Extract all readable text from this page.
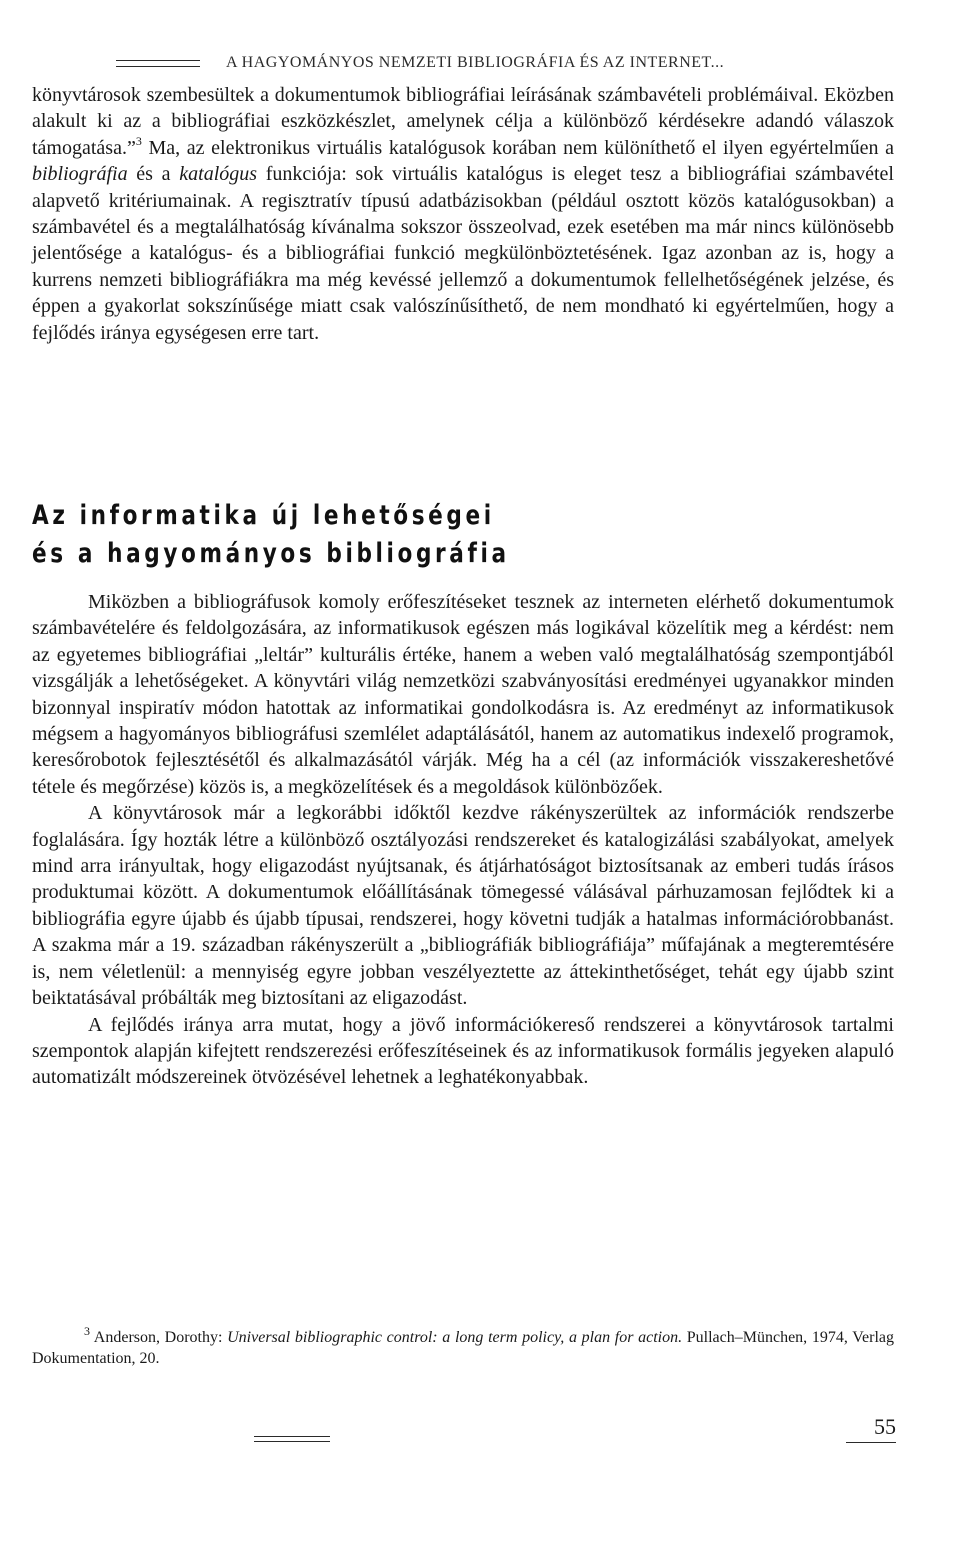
A HAGYOMÁNYOS NEMZETI BIBLIOGRÁFIA ÉS AZ INTERNET...

könyvtárosok szembesültek a dokumentumok bibliográfiai leírásának számbavételi problémáival. Eközben alakult ki az a bibliográfiai eszközkészlet, amelynek célja a különböző kérdésekre adandó válaszok támogatása.”$^3$ Ma, az elektronikus virtuális katalógusok korában nem különíthető el ilyen egyértelműen a bibliográfia és a katalógus funkciója: sok virtuális katalógus is eleget tesz a bibliográfiai számbavétel alapvető kritériumainak. A regisztratív típusú adatbázisokban (például osztott közös katalógusokban) a számbavétel és a megtalálhatóság kívánalma sokszor összeolvad, ezek esetében ma már nincs különösebb jelentősége a katalógus- és a bibliográfiai funkció megkülönböztetésének. Igaz azonban az is, hogy a kurrens nemzeti bibliográfiákra ma még kevéssé jellemző a dokumentumok fellelhetőségének jelzése, és éppen a gyakorlat sokszínűsége miatt csak valószínűsíthető, de nem mondható ki egyértelműen, hogy a fejlődés iránya egységesen erre tart.

Az informatika új lehetőségei
és a hagyományos bibliográfia

Miközben a bibliográfusok komoly erőfeszítéseket tesznek az interneten elérhető dokumentumok számbavételére és feldolgozására, az informatikusok egészen más logikával közelítik meg a kérdést: nem az egyetemes bibliográfiai „leltár” kulturális értéke, hanem a weben való megtalálhatóság szempontjából vizsgálják a lehetőségeket. A könyvtári világ nemzetközi szabványosítási eredményei ugyanakkor minden bizonnyal inspiratív módon hatottak az informatikai gondolkodásra is. Az eredményt az informatikusok mégsem a hagyományos bibliográfusi szemlélet adaptálásától, hanem az automatikus indexelő programok, keresőrobotok fejlesztésétől és alkalmazásától várják. Még ha a cél (az információk visszakereshetővé tétele és megőrzése) közös is, a megközelítések és a megoldások különbözőek.

A könyvtárosok már a legkorábbi időktől kezdve rákényszerültek az információk rendszerbe foglalására. Így hozták létre a különböző osztályozási rendszereket és katalogizálási szabályokat, amelyek mind arra irányultak, hogy eligazodást nyújtsanak, és átjárhatóságot biztosítsanak az emberi tudás írásos produktumai között. A dokumentumok előállításának tömegessé válásával párhuzamosan fejlődtek ki a bibliográfia egyre újabb és újabb típusai, rendszerei, hogy követni tudják a hatalmas információrobbanást. A szakma már a 19. században rákényszerült a „bibliográfiák bibliográfiája” műfajának a megteremtésére is, nem véletlenül: a mennyiség egyre jobban veszélyeztette az áttekinthetőséget, tehát egy újabb szint beiktatásával próbálták meg biztosítani az eligazodást.

A fejlődés iránya arra mutat, hogy a jövő információkereső rendszerei a könyvtárosok tartalmi szempontok alapján kifejtett rendszerezési erőfeszítéseinek és az informatikusok formális jegyeken alapuló automatizált módszereinek ötvözésével lehetnek a leghatékonyabbak.

$^3$ Anderson, Dorothy: Universal bibliographic control: a long term policy, a plan for action. Pullach–München, 1974, Verlag Dokumentation, 20.

55
